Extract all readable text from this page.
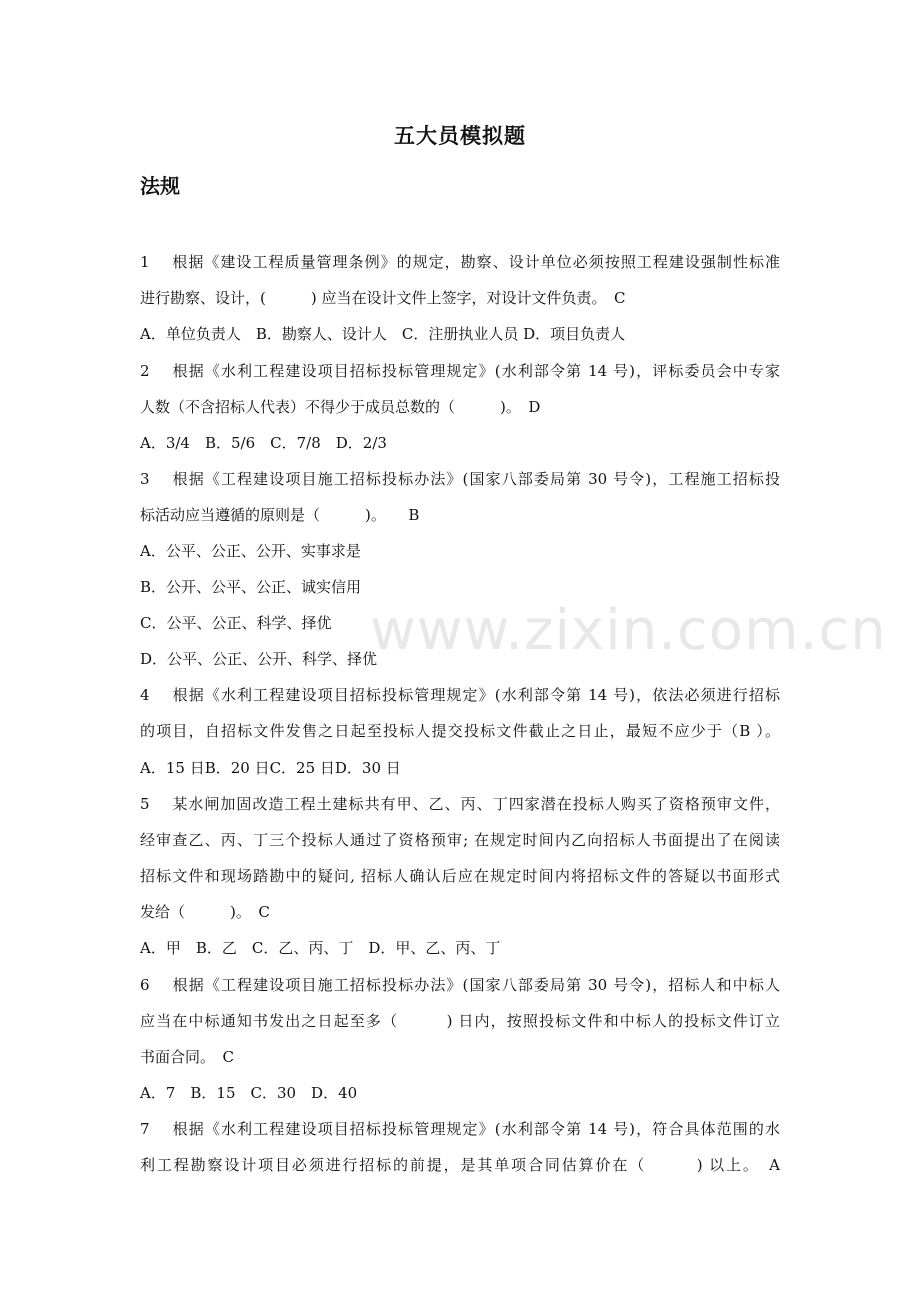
五大员模拟题
法规
1　 根据《建设工程质量管理条例》的规定，勘察、设计单位必须按照工程建设强制性标准
进行勘察、设计，(　　　) 应当在设计文件上签字，对设计文件负责。　C
A．单位负责人　B．勘察人、设计人　C．注册执业人员 D．项目负责人
2　 根据《水利工程建设项目招标投标管理规定》(水利部令第 14 号)，评标委员会中专家
人数（不含招标人代表）不得少于成员总数的（　　　)。　D
A．3/4　B．5/6　C．7/8　D．2/3
3　 根据《工程建设项目施工招标投标办法》(国家八部委局第 30 号令)，工程施工招标投
标活动应当遵循的原则是（　　　)。　　B
A．公平、公正、公开、实事求是
B．公开、公平、公正、诚实信用
C．公平、公正、科学、择优
D．公平、公正、公开、科学、择优
4　 根据《水利工程建设项目招标投标管理规定》(水利部令第 14 号)，依法必须进行招标
的项目，自招标文件发售之日起至投标人提交投标文件截止之日止，最短不应少于（B ）。
A．15 日B．20 日C．25 日D．30 日
5　 某水闸加固改造工程土建标共有甲、乙、丙、丁四家潜在投标人购买了资格预审文件，
经审查乙、丙、丁三个投标人通过了资格预审; 在规定时间内乙向招标人书面提出了在阅读
招标文件和现场踏勘中的疑问, 招标人确认后应在规定时间内将招标文件的答疑以书面形式
发给（　　　)。　C
A．甲　B．乙　C．乙、丙、丁　D．甲、乙、丙、丁
6　 根据《工程建设项目施工招标投标办法》(国家八部委局第 30 号令)，招标人和中标人
应当在中标通知书发出之日起至多（　　　) 日内，按照投标文件和中标人的投标文件订立
书面合同。　C
A．7　B．15　C．30　D．40
7　 根据《水利工程建设项目招标投标管理规定》(水利部令第 14 号)，符合具体范围的水
利工程勘察设计项目必须进行招标的前提，是其单项合同估算价在（　　　) 以上。　A
www.zixin.com.cn
